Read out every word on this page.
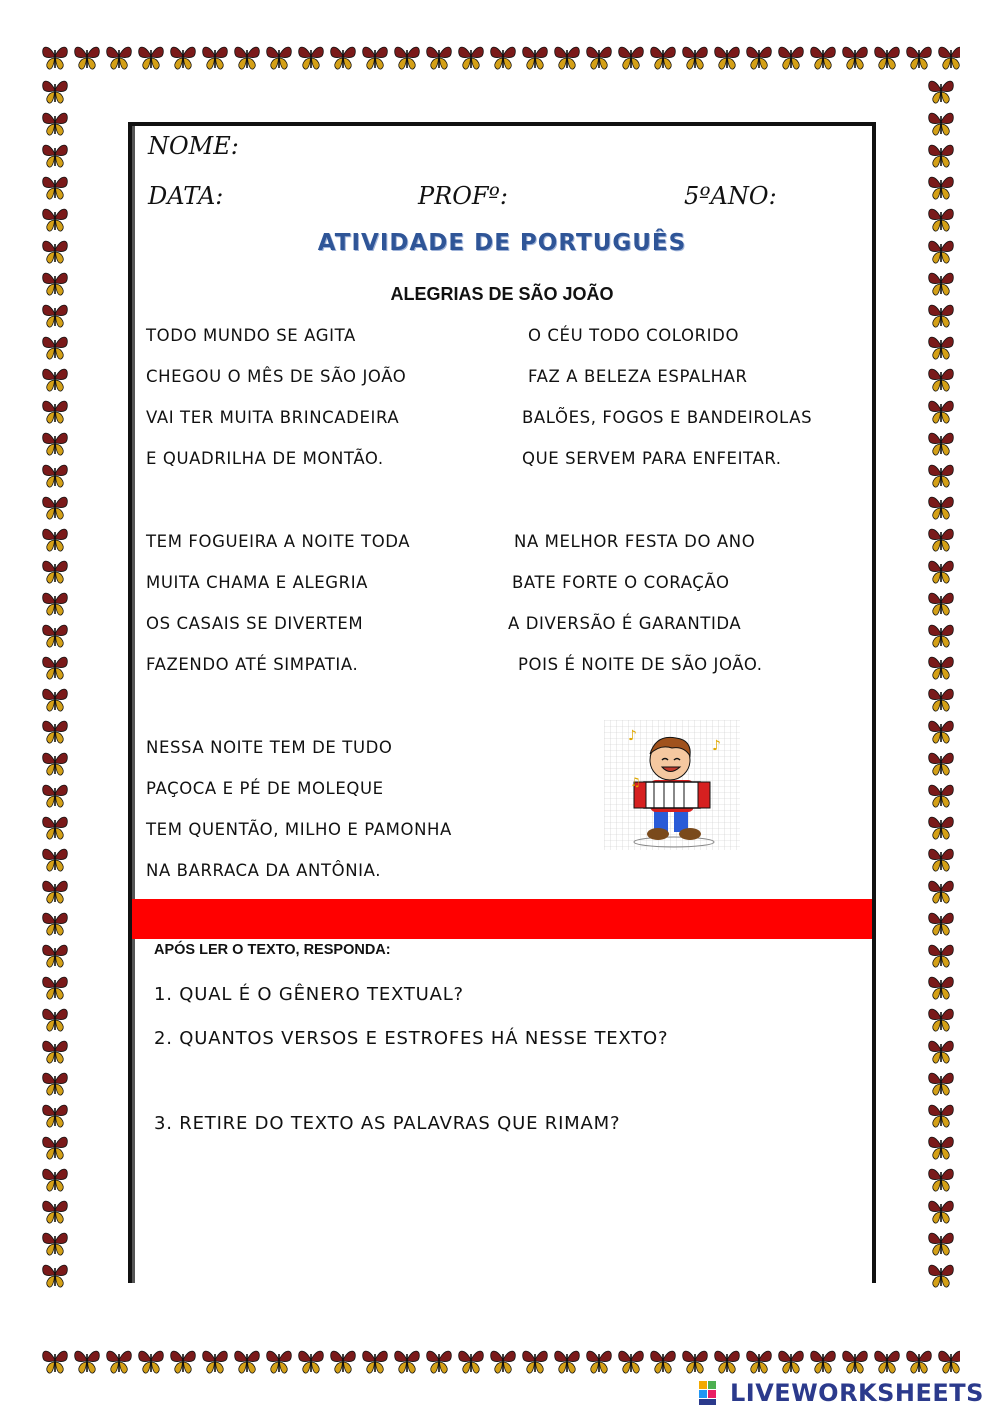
NOME:
DATA:	PROFº:	5ºANO:
ATIVIDADE DE PORTUGUÊS
ALEGRIAS DE SÃO JOÃO
TODO MUNDO SE AGITA
CHEGOU O MÊS DE SÃO JOÃO
VAI TER MUITA BRINCADEIRA
E QUADRILHA DE MONTÃO.
O CÉU TODO COLORIDO
FAZ A BELEZA ESPALHAR
BALÕES, FOGOS E BANDEIROLAS
QUE SERVEM PARA ENFEITAR.
TEM FOGUEIRA A NOITE TODA
MUITA CHAMA E ALEGRIA
OS CASAIS SE DIVERTEM
FAZENDO ATÉ SIMPATIA.
NA MELHOR FESTA DO ANO
BATE FORTE O CORAÇÃO
A DIVERSÃO É GARANTIDA
POIS É NOITE DE SÃO JOÃO.
NESSA NOITE TEM DE TUDO
PAÇOCA E PÉ DE MOLEQUE
TEM QUENTÃO, MILHO E PAMONHA
NA BARRACA DA ANTÔNIA.
♪
♪
♫
APÓS LER O TEXTO, RESPONDA:
1. QUAL É O GÊNERO TEXTUAL?
2. QUANTOS VERSOS E ESTROFES HÁ NESSE TEXTO?
3. RETIRE DO TEXTO AS PALAVRAS QUE RIMAM?
LIVEWORKSHEETS
